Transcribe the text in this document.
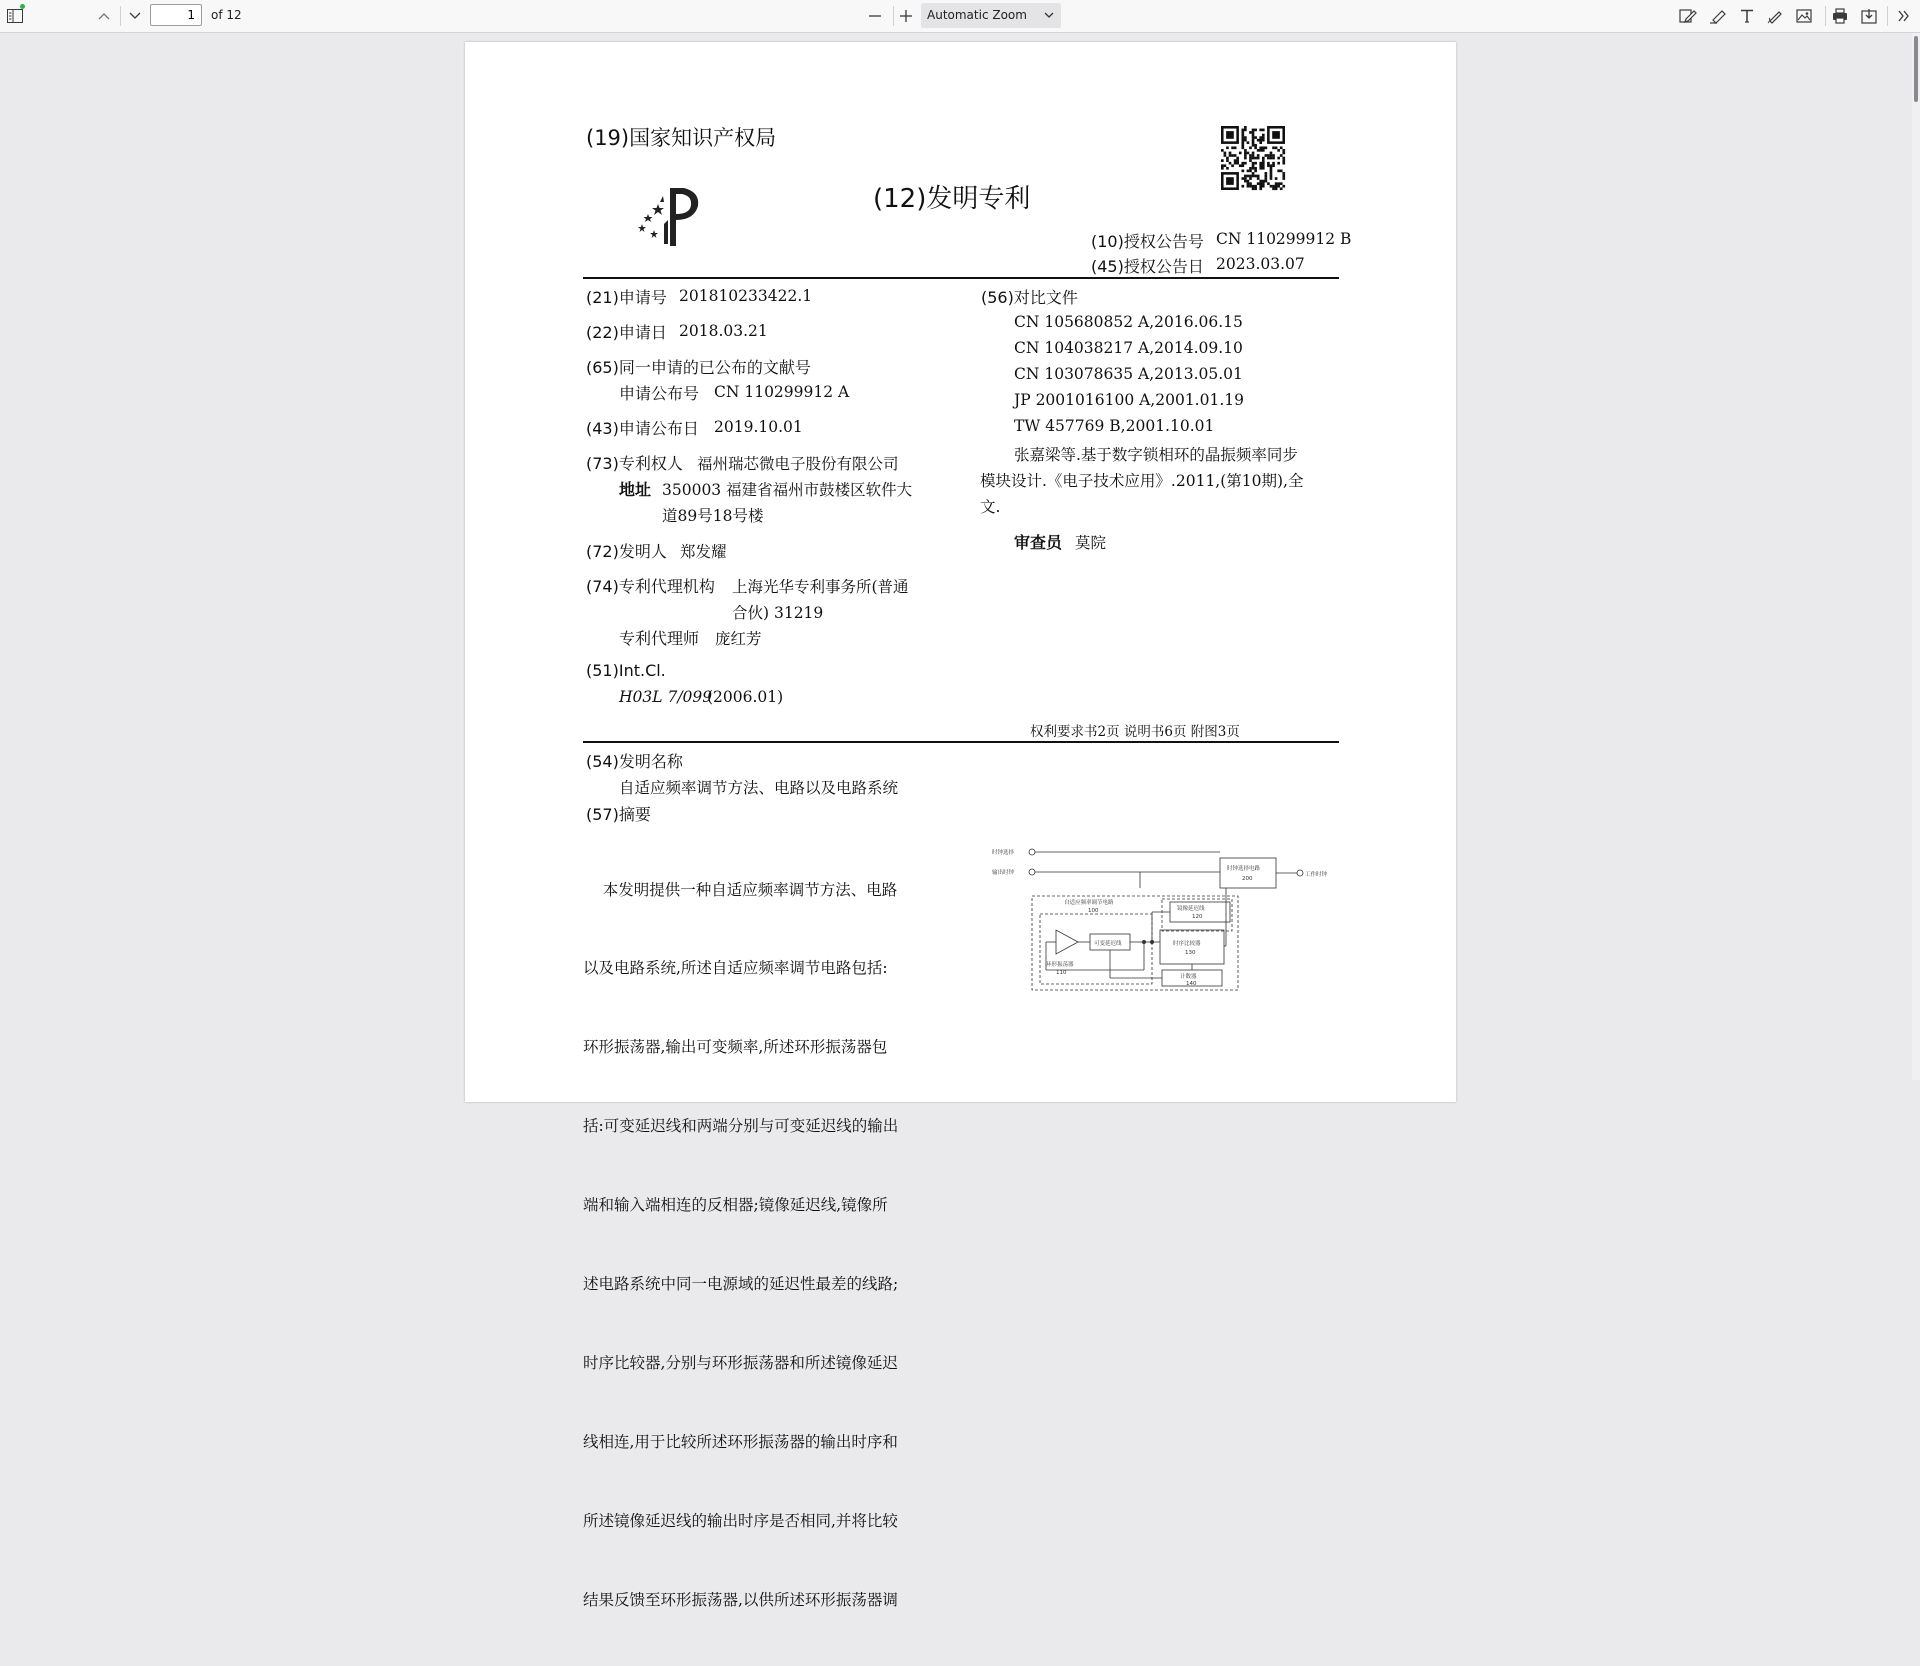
1	of 12	Automatic Zoom
(19)国家知识产权局
(12)发明专利
(10)授权公告号 CN 110299912 B
(45)授权公告日 2023.03.07
(21)申请号 201810233422.1
(22)申请日 2018.03.21
(65)同一申请的已公布的文献号
申请公布号 CN 110299912 A
(43)申请公布日 2019.10.01
(73)专利权人 福州瑞芯微电子股份有限公司
地址 350003 福建省福州市鼓楼区软件大
道89号18号楼
(72)发明人 郑发耀
(74)专利代理机构 上海光华专利事务所(普通
合伙) 31219
专利代理师 庞红芳
(51)Int.Cl.
H03L 7/099
(2006.01)
(56)对比文件
CN 105680852 A,2016.06.15
CN 104038217 A,2014.09.10
CN 103078635 A,2013.05.01
JP 2001016100 A,2001.01.19
TW 457769 B,2001.10.01
张嘉梁等.基于数字锁相环的晶振频率同步
模块设计.《电子技术应用》.2011,(第10期),全
文.
审查员 莫院
权利要求书2页 说明书6页 附图3页
(54)发明名称
自适应频率调节方法、电路以及电路系统
(57)摘要

本发明提供一种自适应频率调节方法、电路

以及电路系统,所述自适应频率调节电路包括:

环形振荡器,输出可变频率,所述环形振荡器包

括:可变延迟线和两端分别与可变延迟线的输出

端和输入端相连的反相器;镜像延迟线,镜像所

述电路系统中同一电源域的延迟性最差的线路;

时序比较器,分别与环形振荡器和所述镜像延迟

线相连,用于比较所述环形振荡器的输出时序和

所述镜像延迟线的输出时序是否相同,并将比较

结果反馈至环形振荡器,以供所述环形振荡器调

时钟选择
输出时钟
时钟选择电路
200
工作时钟
自适应频率调节电路
100	镜像延迟线
120
可变延迟线
环形振荡器
110
时序比较器
130
计数器
140
